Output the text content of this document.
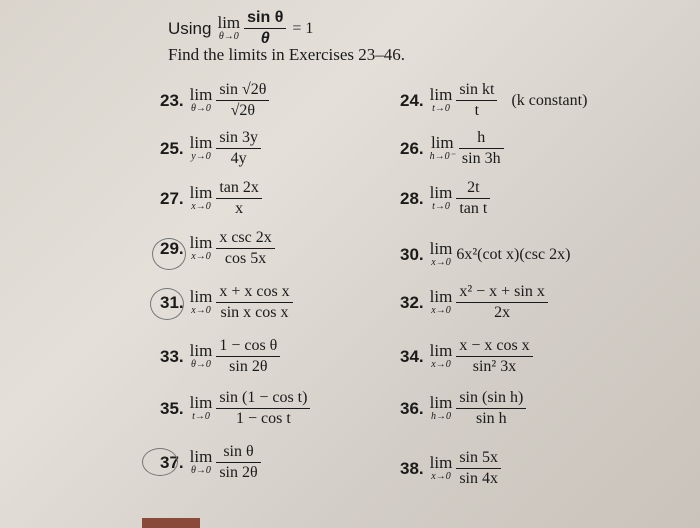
Using lim
$\theta\to 0 \frac{\text{sin θ}}{\theta} = 1$
Find the limits in Exercises 23–46.
23. lim
$\theta\to 0 \frac{\sin √2\theta}{√2\theta}$	24. lim
$t\to 0 \frac{\text{sin kt}}{t} (k$ constant)
25. lim
$y\to 0 \frac{\sin 3y}{4y}$	26. lim
$h\to 0^- \frac{h}{\sin 3h}$
27. lim
$x\to 0 \frac{\tan 2x}{x}$	28. lim
$t\to 0 \frac{2t}{\text{tan t}}$
29. lim
$x\to 0 \frac{\text{x csc 2x}}{\cos 5x}$	30. lim
x→0 6x²(cot x)(csc 2x)
31. lim
$x\to 0 \frac{\text{x + x cos x}}{\text{sin x cos x}}$	32. lim
$x\to 0 \frac{\text{x² − x + sin x}}{2x}$
33. lim
$\theta\to 0 \frac{\text{1 − cos θ}}{\sin 2\theta}$	34. lim
$x\to 0 \frac{\text{x − x cos x}}{\text{sin² 3x}}$
35. lim
$t\to 0 \frac{\text{sin (1 − cos t)}}{\text{1 − cos t}}$	36. lim
$h\to 0 \frac{\text{sin (sin h)}}{\text{sin h}}$
37. lim
$\theta\to 0 \frac{\text{sin θ}}{\sin 2\theta}$	38. lim
$x\to 0 \frac{\sin 5x}{\sin 4x}$
